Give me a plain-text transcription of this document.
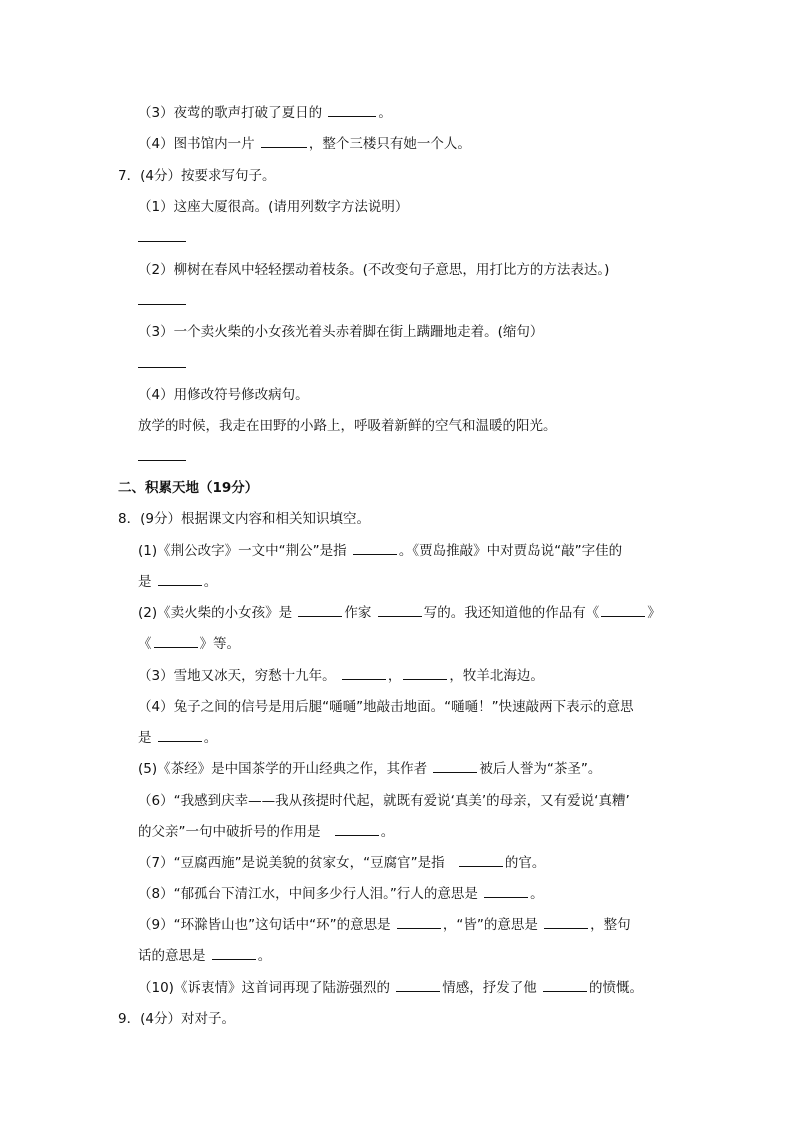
（3）夜莺的歌声打破了夏日的	。
（4）图书馆内一片	，整个三楼只有她一个人。
7．(4分）按要求写句子。
（1）这座大厦很高。(请用列数字方法说明）
（2）柳树在春风中轻轻摆动着枝条。(不改变句子意思，用打比方的方法表达。)
（3）一个卖火柴的小女孩光着头赤着脚在街上蹒跚地走着。(缩句）
（4）用修改符号修改病句。
放学的时候，我走在田野的小路上，呼吸着新鲜的空气和温暖的阳光。
二、积累天地（19分）
8．(9分）根据课文内容和相关知识填空。
(1)《荆公改字》一文中“荆公”是指	。《贾岛推敲》中对贾岛说“敲”字佳的
是	。
(2)《卖火柴的小女孩》是	作家	写的。我还知道他的作品有《	》
《	》等。
（3）雪地又冰天，穷愁十九年。	，	，牧羊北海边。
（4）兔子之间的信号是用后腿“嗵嗵”地敲击地面。“嗵嗵！”快速敲两下表示的意思
是	。
(5)《茶经》是中国茶学的开山经典之作，其作者	被后人誉为“茶圣”。
（6）“我感到庆幸——我从孩提时代起，就既有爱说‘真美’的母亲，又有爱说‘真糟’
的父亲”一句中破折号的作用是	。
（7）“豆腐西施”是说美貌的贫家女，“豆腐官”是指	的官。
（8）“郁孤台下清江水，中间多少行人泪。”行人的意思是	。
（9）“环滁皆山也”这句话中“环”的意思是	，“皆”的意思是	，整句
话的意思是	。
（10)《诉衷情》这首词再现了陆游强烈的	情感，抒发了他	的愤慨。
9．(4分）对对子。
